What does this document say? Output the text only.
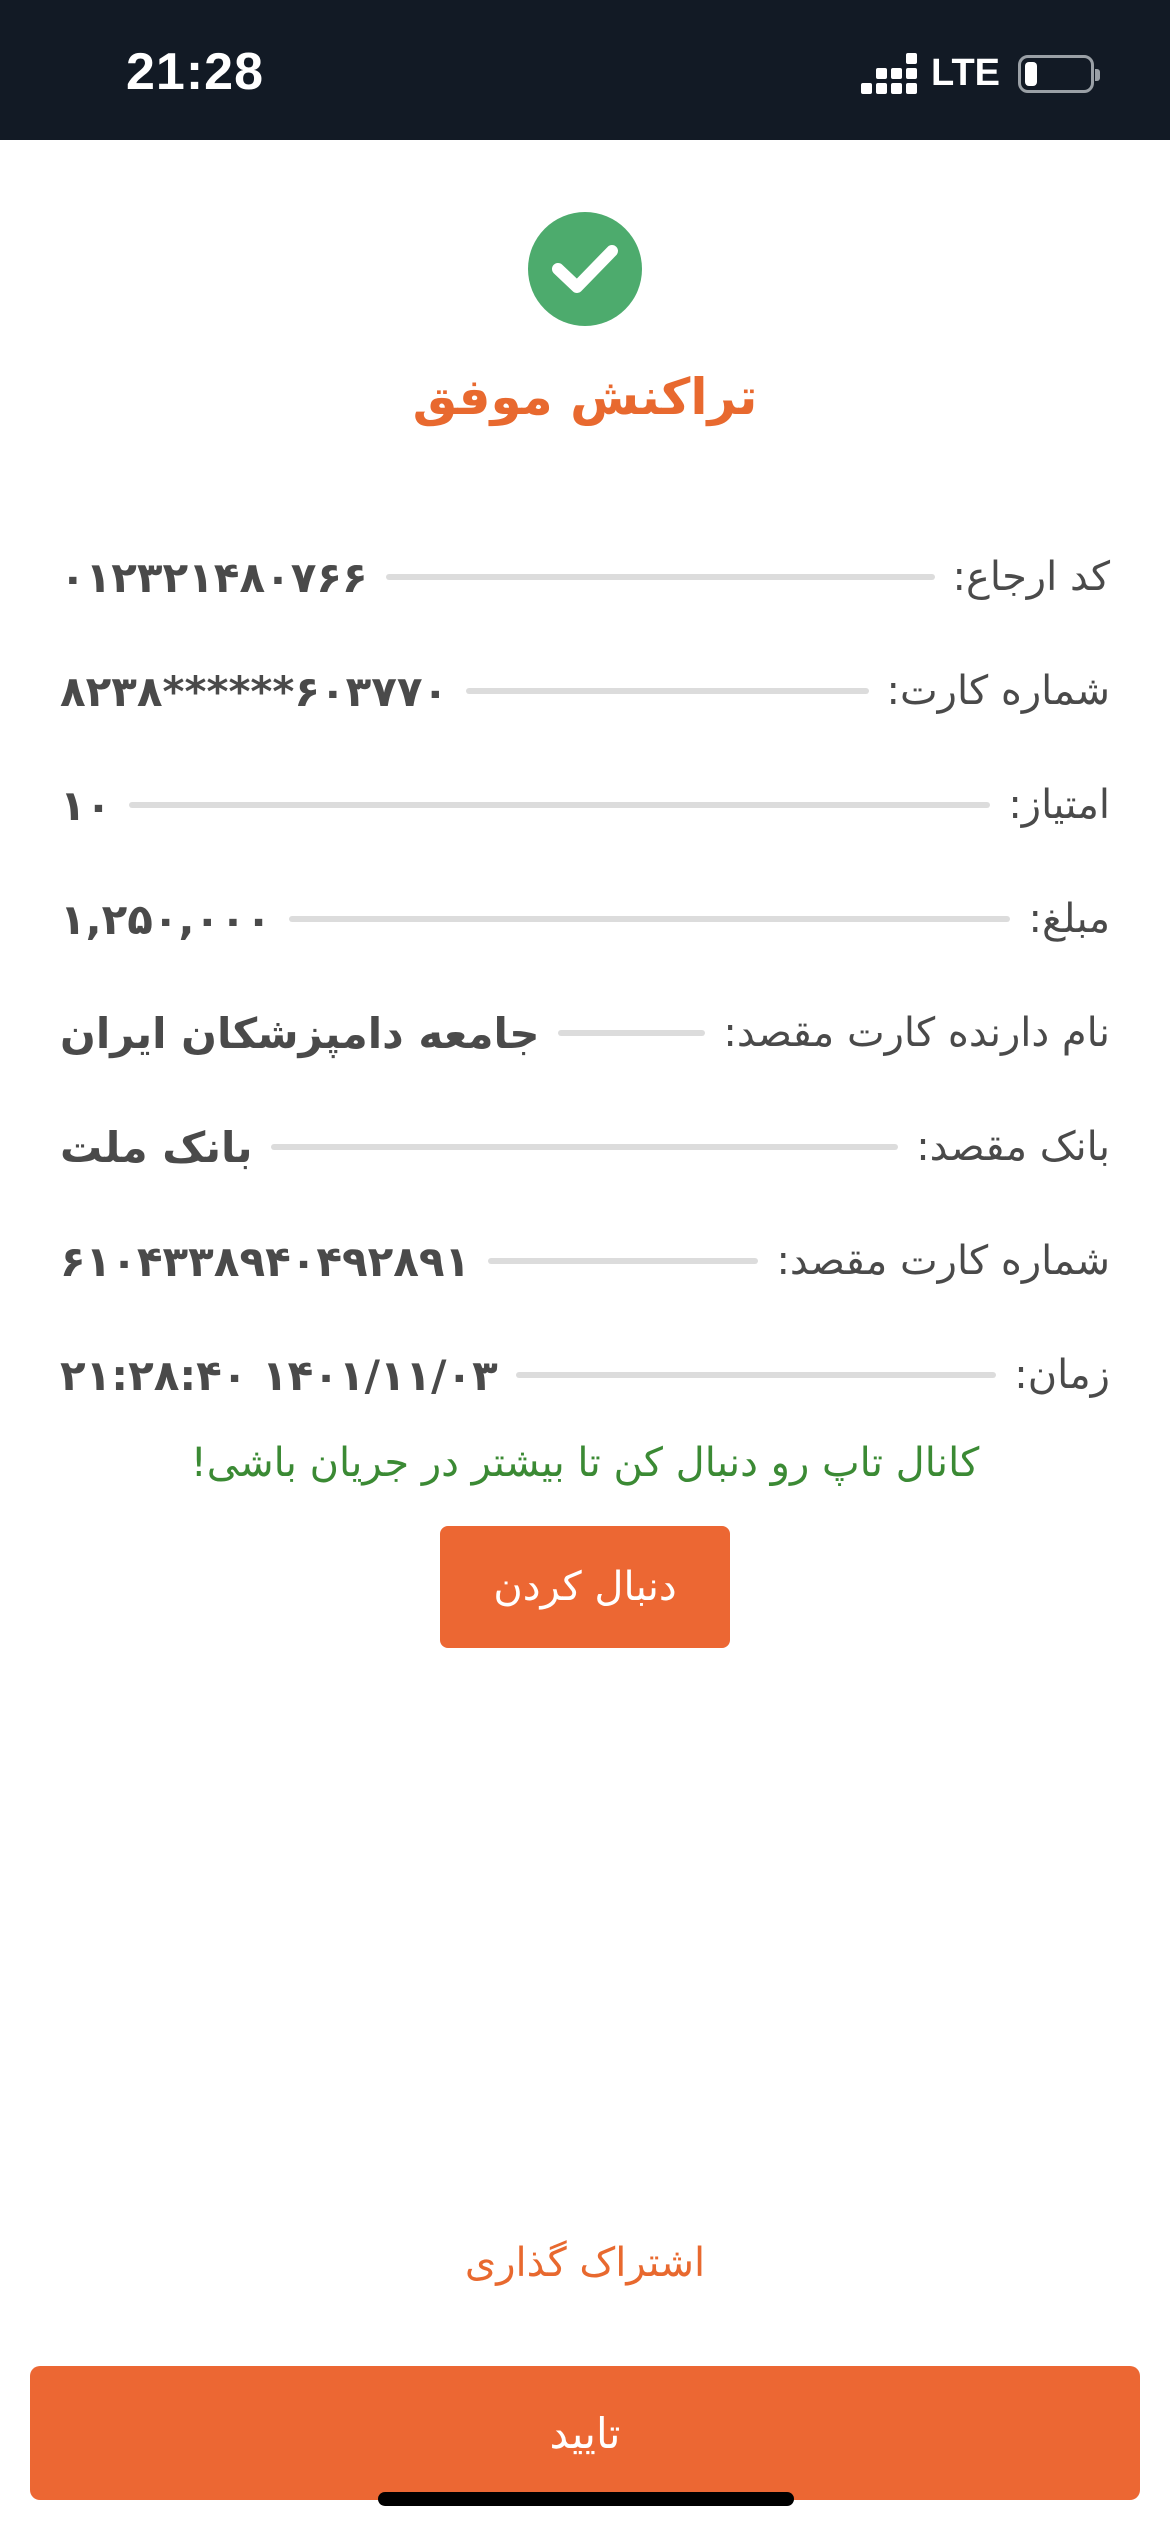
21:28	LTE
تراکنش موفق
کد ارجاع:
۰۱۲۳۲۱۴۸۰۷۶۶
شماره کارت:
۶۰۳۷۷۰******۸۲۳۸
امتیاز:
۱۰
مبلغ:
۱,۲۵۰,۰۰۰
نام دارنده کارت مقصد:
جامعه دامپزشکان ایران
بانک مقصد:
بانک ملت
شماره کارت مقصد:
۶۱۰۴۳۳۸۹۴۰۴۹۲۸۹۱
زمان:
۱۴۰۱/۱۱/۰۳ ۲۱:۲۸:۴۰
کانال تاپ رو دنبال کن تا بیشتر در جریان باشی!
دنبال کردن
اشتراک گذاری
تایید
